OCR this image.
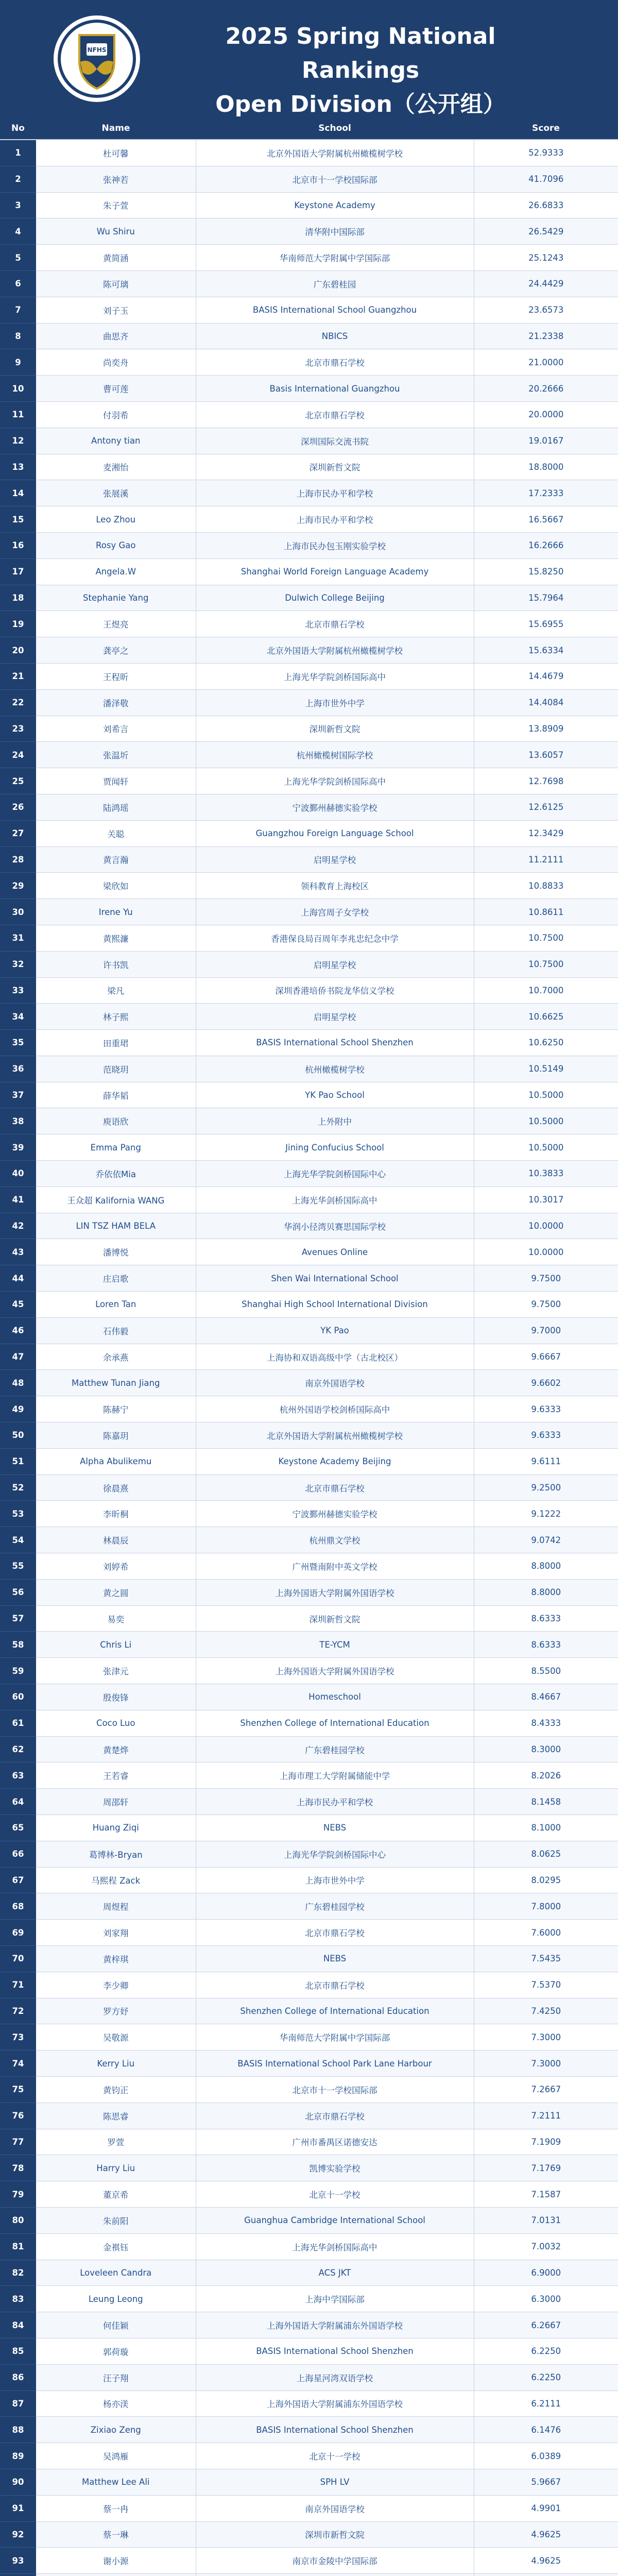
NFHS
2025 Spring National Rankings
Open Division（公开组）
No	Name	School	Score
1	杜可馨	北京外国语大学附属杭州橄榄树学校	52.9333
2	张神若	北京市十一学校国际部	41.7096
3	朱子萱	Keystone Academy	26.6833
4	Wu Shiru	清华附中国际部	26.5429
5	黄简涵	华南师范大学附属中学国际部	25.1243
6	陈可璃	广东碧桂园	24.4429
7	刘子玉	BASIS International School Guangzhou	23.6573
8	曲思齐	NBICS	21.2338
9	尚奕舟	北京市鼎石学校	21.0000
10	曹可莲	Basis International Guangzhou	20.2666
11	付羽希	北京市鼎石学校	20.0000
12	Antony tian	深圳国际交流书院	19.0167
13	麦湘怡	深圳新哲文院	18.8000
14	张展溪	上海市民办平和学校	17.2333
15	Leo Zhou	上海市民办平和学校	16.5667
16	Rosy Gao	上海市民办包玉刚实验学校	16.2666
17	Angela.W	Shanghai World Foreign Language Academy	15.8250
18	Stephanie Yang	Dulwich College Beijing	15.7964
19	王煜亮	北京市鼎石学校	15.6955
20	龚亭之	北京外国语大学附属杭州橄榄树学校	15.6334
21	王程昕	上海光华学院剑桥国际高中	14.4679
22	潘泽敬	上海市世外中学	14.4084
23	刘希言	深圳新哲文院	13.8909
24	张温圻	杭州橄榄树国际学校	13.6057
25	贾闻轩	上海光华学院剑桥国际高中	12.7698
26	陆鸿瑶	宁波鄞州赫德实验学校	12.6125
27	关聪	Guangzhou Foreign Language School	12.3429
28	黄言瀚	启明星学校	11.2111
29	梁欣如	领科教育上海校区	10.8833
30	Irene Yu	上海宫周子女学校	10.8611
31	黄熙濂	香港保良局百周年李兆忠纪念中学	10.7500
32	许书凯	启明星学校	10.7500
33	梁凡	深圳香港培侨书院龙华信义学校	10.7000
34	林子熙	启明星学校	10.6625
35	田重珺	BASIS International School Shenzhen	10.6250
36	范晓玥	杭州橄榄树学校	10.5149
37	薛华韬	YK Pao School	10.5000
38	庾语欣	上外附中	10.5000
39	Emma Pang	Jining Confucius School	10.5000
40	乔依依Mia	上海光华学院剑桥国际中心	10.3833
41	王众超 Kalifornia WANG	上海光华剑桥国际高中	10.3017
42	LIN TSZ HAM BELA	华润小径湾贝赛思国际学校	10.0000
43	潘博悦	Avenues Online	10.0000
44	庄启歌	Shen Wai International School	9.7500
45	Loren Tan	Shanghai High School International Division	9.7500
46	石伟毅	YK Pao	9.7000
47	余承燕	上海协和双语高级中学（古北校区）	9.6667
48	Matthew Tunan Jiang	南京外国语学校	9.6602
49	陈赫宁	杭州外国语学校剑桥国际高中	9.6333
50	陈嘉玥	北京外国语大学附属杭州橄榄树学校	9.6333
51	Alpha Abulikemu	Keystone Academy Beijing	9.6111
52	徐晨熹	北京市鼎石学校	9.2500
53	李昕桐	宁波鄞州赫德实验学校	9.1222
54	林晨辰	杭州鼎文学校	9.0742
55	刘婷希	广州暨南附中英文学校	8.8000
56	黄之圆	上海外国语大学附属外国语学校	8.8000
57	易奕	深圳新哲文院	8.6333
58	Chris Li	TE-YCM	8.6333
59	张津元	上海外国语大学附属外国语学校	8.5500
60	殷俊锋	Homeschool	8.4667
61	Coco Luo	Shenzhen College of International Education	8.4333
62	黄楚烨	广东碧桂园学校	8.3000
63	王若睿	上海市理工大学附属储能中学	8.2026
64	周邵轩	上海市民办平和学校	8.1458
65	Huang Ziqi	NEBS	8.1000
66	葛博林-Bryan	上海光华学院剑桥国际中心	8.0625
67	马熙程 Zack	上海市世外中学	8.0295
68	周煜程	广东碧桂园学校	7.8000
69	刘家翔	北京市鼎石学校	7.6000
70	黄梓琪	NEBS	7.5435
71	李少卿	北京市鼎石学校	7.5370
72	罗方妤	Shenzhen College of International Education	7.4250
73	吴敬源	华南师范大学附属中学国际部	7.3000
74	Kerry Liu	BASIS International School Park Lane Harbour	7.3000
75	黄钧正	北京市十一学校国际部	7.2667
76	陈思睿	北京市鼎石学校	7.2111
77	罗萱	广州市番禺区诺德安达	7.1909
78	Harry Liu	凯博实验学校	7.1769
79	董京希	北京十一学校	7.1587
80	朱前阳	Guanghua Cambridge International School	7.0131
81	金褀钰	上海光华剑桥国际高中	7.0032
82	Loveleen Candra	ACS JKT	6.9000
83	Leung Leong	上海中学国际部	6.3000
84	何佳颖	上海外国语大学附属浦东外国语学校	6.2667
85	郭荷璇	BASIS International School Shenzhen	6.2250
86	汪子翔	上海星河湾双语学校	6.2250
87	杨亦渼	上海外国语大学附属浦东外国语学校	6.2111
88	Zixiao Zeng	BASIS International School Shenzhen	6.1476
89	吴鸿雁	北京十一学校	6.0389
90	Matthew Lee Ali	SPH LV	5.9667
91	蔡一冉	南京外国语学校	4.9901
92	蔡一琳	深圳市新哲文院	4.9625
93	谢小源	南京市金陵中学国际部	4.9625
